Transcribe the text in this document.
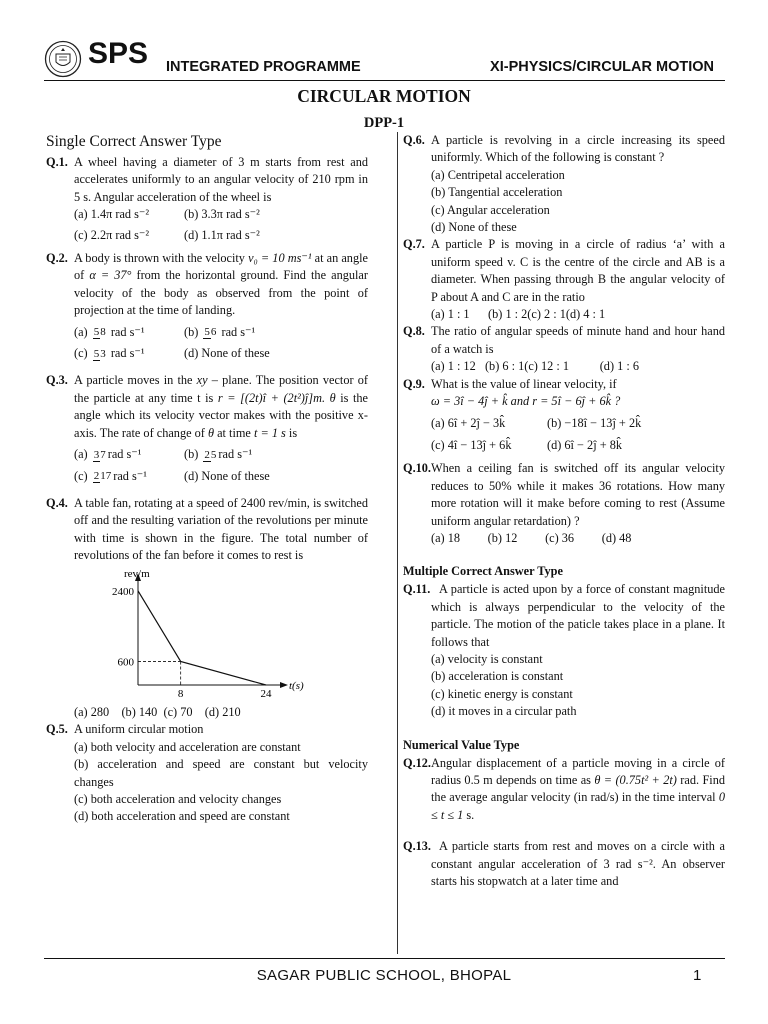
SPS INTEGRATED PROGRAMME	XI-PHYSICS/CIRCULAR MOTION
CIRCULAR MOTION
DPP-1
Single Correct Answer Type
Q.1. A wheel having a diameter of 3 m starts from rest and accelerates uniformly to an angular velocity of 210 rpm in 5 s. Angular acceleration of the wheel is
(a) 1.4π rad s⁻²	(b) 3.3π rad s⁻²
(c) 2.2π rad s⁻²	(d) 1.1π rad s⁻²
Q.2. A body is thrown with the velocity v₀ = 10 ms⁻¹ at an angle of α = 37° from the horizontal ground. Find the angular velocity of the body as observed from the point of projection at the time of landing.
(a) 58 rad s⁻¹	(b) 56 rad s⁻¹
(c) 53 rad s⁻¹	(d) None of these
Q.3. A particle moves in the xy – plane. The position vector of the particle at any time t is r = [(2t)î + (2t²)ĵ]m. θ is the angle which its velocity vector makes with the positive x-axis. The rate of change of θ at time t = 1 s is
(a) 37 rad s⁻¹	(b) 25 rad s⁻¹
(c) 217 rad s⁻¹	(d) None of these
Q.4. A table fan, rotating at a speed of 2400 rev/min, is switched off and the resulting variation of the revolutions per minute with time is shown in the figure. The total number of revolutions of the fan before it comes to rest is
rev/m
t(s)
2400
600
8	24
(a) 280    (b) 140  (c) 70    (d) 210
Q.5. A uniform circular motion
(a) both velocity and acceleration are constant
(b) acceleration and speed are constant but velocity changes
(c) both acceleration and velocity changes
(d) both acceleration and speed are constant
Q.6. A particle is revolving in a circle increasing its speed uniformly. Which of the following is constant ?
(a) Centripetal acceleration
(b) Tangential acceleration
(c) Angular acceleration
(d) None of these
Q.7. A particle P is moving in a circle of radius ‘a’ with a uniform speed v. C is the centre of the circle and AB is a diameter. When passing through B the angular velocity of P about A and C are in the ratio
(a) 1 : 1      (b) 1 : 2(c) 2 : 1(d) 4 : 1
Q.8. The ratio of angular speeds of minute hand and hour hand of a watch is
(a) 1 : 12   (b) 6 : 1(c) 12 : 1          (d) 1 : 6
Q.9. What is the value of linear velocity, if
ω = 3î − 4ĵ + k̂ and r = 5î − 6ĵ + 6k̂ ?
(a) 6î + 2ĵ − 3k̂	(b) −18î − 13ĵ + 2k̂
(c) 4î − 13ĵ + 6k̂	(d) 6î − 2ĵ + 8k̂
Q.10. When a ceiling fan is switched off its angular velocity reduces to 50% while it makes 36 rotations. How many more rotation will it make before coming to rest (Assume uniform angular retardation) ?
(a) 18         (b) 12         (c) 36         (d) 48
Multiple Correct Answer Type
Q.11. A particle is acted upon by a force of constant magnitude which is always perpendicular to the velocity of the particle. The motion of the paticle takes place in a plane. It follows that
(a) velocity is constant
(b) acceleration is constant
(c) kinetic energy is constant
(d) it moves in a circular path
Numerical Value Type
Q.12. Angular displacement of a particle moving in a circle of radius 0.5 m depends on time as θ = (0.75t² + 2t) rad. Find the average angular velocity (in rad/s) in the time interval 0 ≤ t ≤ 1 s.
Q.13. A particle starts from rest and moves on a circle with a constant angular acceleration of 3 rad s⁻². An observer starts his stopwatch at a later time and
SAGAR PUBLIC SCHOOL, BHOPAL	1
